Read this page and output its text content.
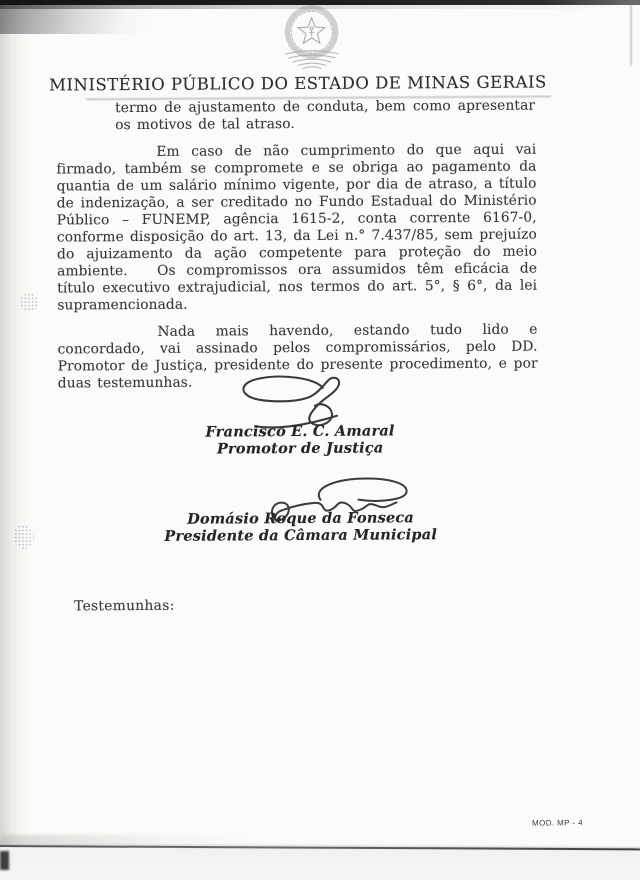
MINISTÉRIO PÚBLICO DO ESTADO DE MINAS GERAIS

termo de ajustamento de conduta, bem como apresentar os motivos de tal atraso.

Em caso de não cumprimento do que aqui vai firmado, também se compromete e se obriga ao pagamento da quantia de um salário mínimo vigente, por dia de atraso, a título de indenização, a ser creditado no Fundo Estadual do Ministério Público – FUNEMP, agência 1615-2, conta corrente 6167-0, conforme disposição do art. 13, da Lei n.° 7.437/85, sem prejuízo do ajuizamento da ação competente para proteção do meio ambiente.	Os compromissos ora assumidos têm eficácia de título executivo extrajudicial, nos termos do art. 5°, § 6°, da lei supramencionada.

Nada mais havendo, estando tudo lido e concordado, vai assinado pelos compromissários, pelo DD. Promotor de Justiça, presidente do presente procedimento, e por duas testemunhas.

Francisco E. C. Amaral
Promotor de Justiça
Domásio Roque da Fonseca
Presidente da Câmara Municipal
Testemunhas:
MOD. MP - 4
